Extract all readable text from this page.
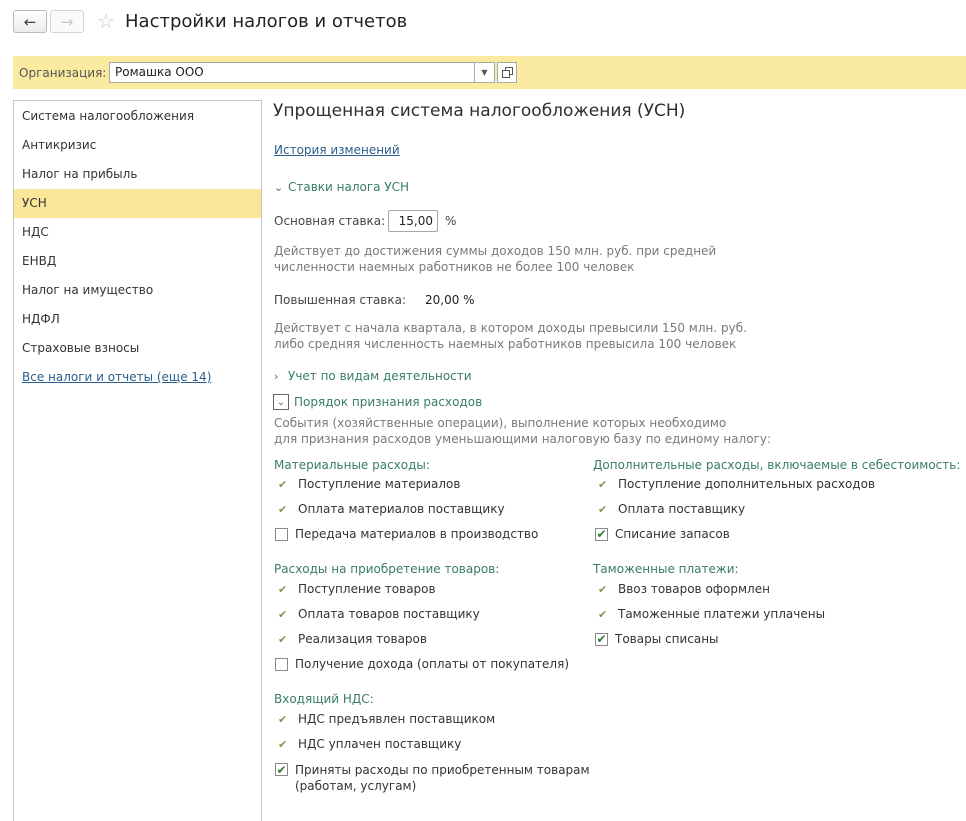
← → ☆ Настройки налогов и отчетов
Организация: Ромашка ООО	▼
Система налогообложения
Антикризис
Налог на прибыль
УСН
НДС
ЕНВД
Налог на имущество
НДФЛ
Страховые взносы
Все налоги и отчеты (еще 14)
Упрощенная система налогообложения (УСН)
История изменений
⌄ Ставки налога УСН
Основная ставка:	15,00	%
Действует до достижения суммы доходов 150 млн. руб. при средней
численности наемных работников не более 100 человек
Повышенная ставка: 20,00 %
Действует с начала квартала, в котором доходы превысили 150 млн. руб.
либо средняя численность наемных работников превысила 100 человек
› Учет по видам деятельности
⌄ Порядок признания расходов
События (хозяйственные операции), выполнение которых необходимо
для признания расходов уменьшающими налоговую базу по единому налогу:
Материальные расходы:
✔ Поступление материалов
✔ Оплата материалов поставщику
Передача материалов в производство
Дополнительные расходы, включаемые в себестоимость:
✔ Поступление дополнительных расходов
✔ Оплата поставщику
✔ Списание запасов
Расходы на приобретение товаров:
✔ Поступление товаров
✔ Оплата товаров поставщику
✔ Реализация товаров
Получение дохода (оплаты от покупателя)
Таможенные платежи:
✔ Ввоз товаров оформлен
✔ Таможенные платежи уплачены
✔ Товары списаны
Входящий НДС:
✔ НДС предъявлен поставщиком
✔ НДС уплачен поставщику
✔ Приняты расходы по приобретенным товарам
(работам, услугам)
